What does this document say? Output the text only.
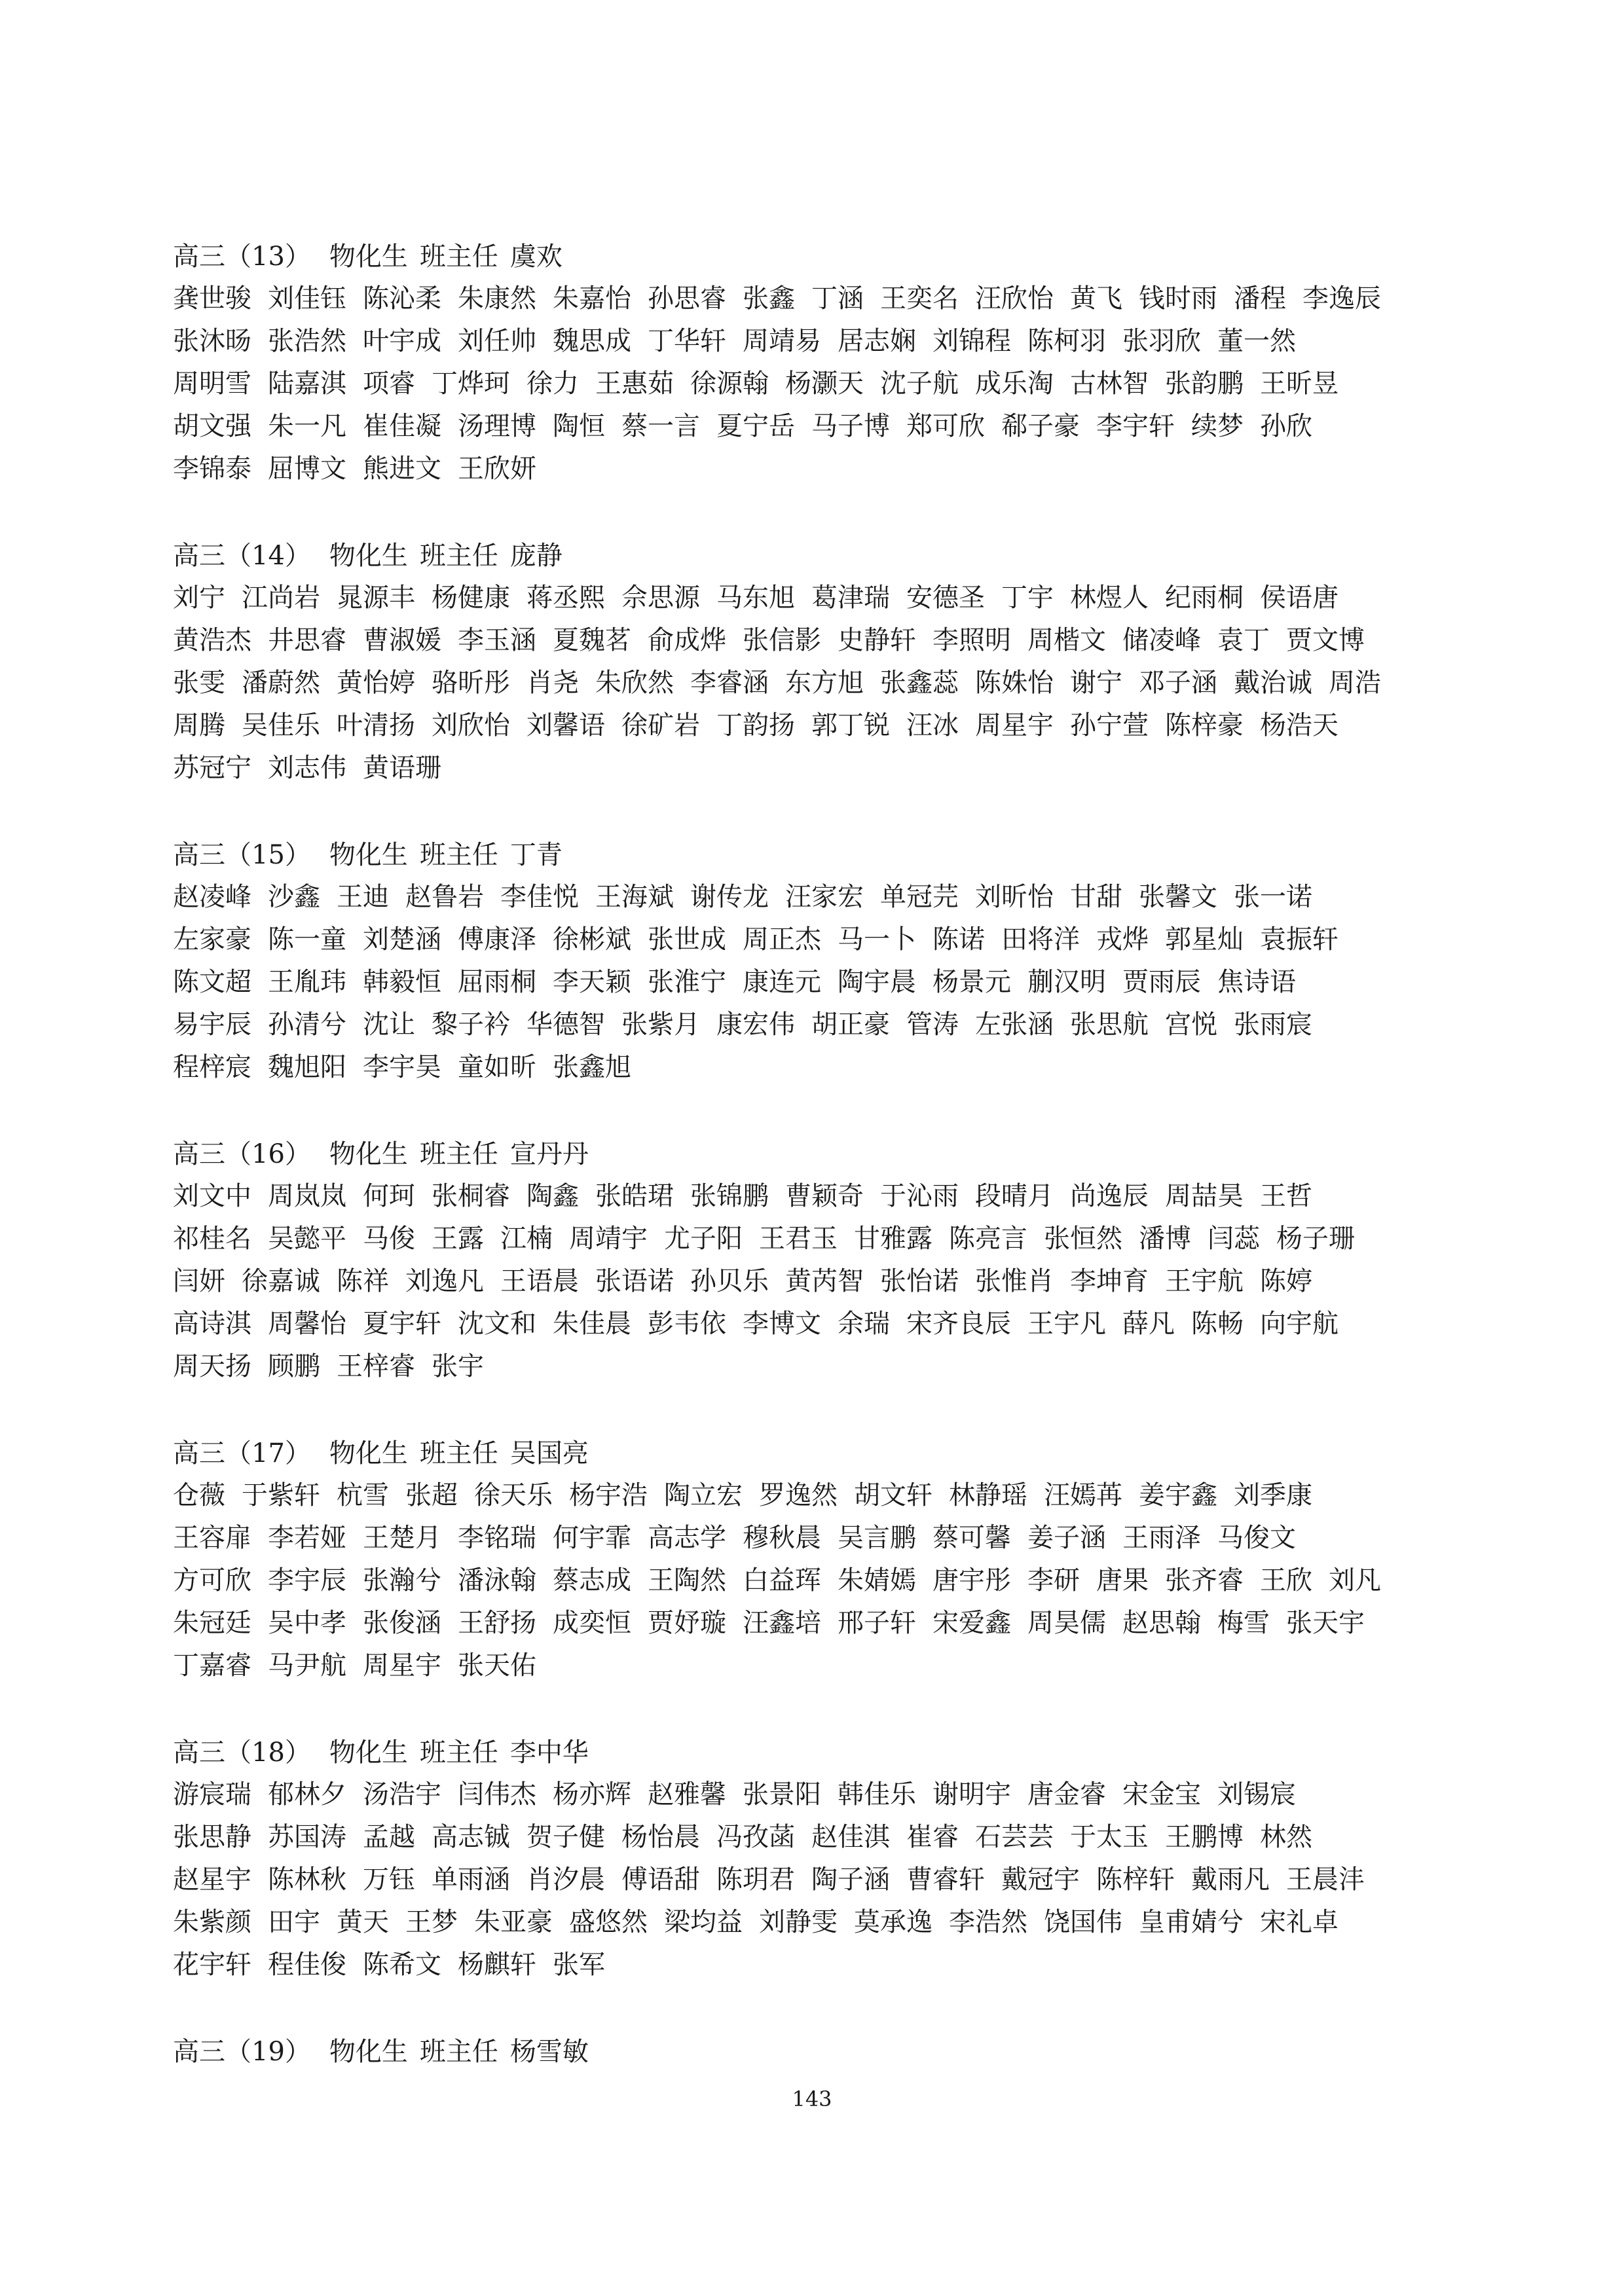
高三（13） 物化生 班主任 虞欢
龚世骏 刘佳钰 陈沁柔 朱康然 朱嘉怡 孙思睿 张鑫 丁涵 王奕名 汪欣怡 黄飞 钱时雨 潘程 李逸辰
张沐旸 张浩然 叶宇成 刘任帅 魏思成 丁华轩 周靖易 居志娴 刘锦程 陈柯羽 张羽欣 董一然
周明雪 陆嘉淇 项睿 丁烨珂 徐力 王惠茹 徐源翰 杨灏天 沈子航 成乐淘 古林智 张韵鹏 王昕昱
胡文强 朱一凡 崔佳凝 汤理博 陶恒 蔡一言 夏宁岳 马子博 郑可欣 郗子豪 李宇轩 续梦 孙欣
李锦泰 屈博文 熊进文 王欣妍
高三（14） 物化生 班主任 庞静
刘宁 江尚岩 晁源丰 杨健康 蒋丞熙 佘思源 马东旭 葛津瑞 安德圣 丁宇 林煜人 纪雨桐 侯语唐
黄浩杰 井思睿 曹淑媛 李玉涵 夏魏茗 俞成烨 张信影 史静轩 李照明 周楷文 储凌峰 袁丁 贾文博
张雯 潘蔚然 黄怡婷 骆昕彤 肖尧 朱欣然 李睿涵 东方旭 张鑫蕊 陈姝怡 谢宁 邓子涵 戴治诚 周浩
周腾 吴佳乐 叶清扬 刘欣怡 刘馨语 徐矿岩 丁韵扬 郭丁锐 汪冰 周星宇 孙宁萱 陈梓豪 杨浩天
苏冠宁 刘志伟 黄语珊
高三（15） 物化生 班主任 丁青
赵凌峰 沙鑫 王迪 赵鲁岩 李佳悦 王海斌 谢传龙 汪家宏 单冠芫 刘昕怡 甘甜 张馨文 张一诺
左家豪 陈一童 刘楚涵 傅康泽 徐彬斌 张世成 周正杰 马一卜 陈诺 田将洋 戎烨 郭星灿 袁振轩
陈文超 王胤玮 韩毅恒 屈雨桐 李天颖 张淮宁 康连元 陶宇晨 杨景元 蒯汉明 贾雨辰 焦诗语
易宇辰 孙清兮 沈让 黎子衿 华德智 张紫月 康宏伟 胡正豪 管涛 左张涵 张思航 宫悦 张雨宸
程梓宸 魏旭阳 李宇昊 童如昕 张鑫旭
高三（16） 物化生 班主任 宣丹丹
刘文中 周岚岚 何珂 张桐睿 陶鑫 张皓珺 张锦鹏 曹颖奇 于沁雨 段晴月 尚逸辰 周喆昊 王哲
祁桂名 吴懿平 马俊 王露 江楠 周靖宇 尤子阳 王君玉 甘雅露 陈亮言 张恒然 潘博 闫蕊 杨子珊
闫妍 徐嘉诚 陈祥 刘逸凡 王语晨 张语诺 孙贝乐 黄芮智 张怡诺 张惟肖 李坤育 王宇航 陈婷
高诗淇 周馨怡 夏宇轩 沈文和 朱佳晨 彭韦依 李博文 余瑞 宋齐良辰 王宇凡 薛凡 陈畅 向宇航
周天扬 顾鹏 王梓睿 张宇
高三（17） 物化生 班主任 吴国亮
仓薇 于紫轩 杭雪 张超 徐天乐 杨宇浩 陶立宏 罗逸然 胡文轩 林静瑶 汪嫣苒 姜宇鑫 刘季康
王容扉 李若娅 王楚月 李铭瑞 何宇霏 高志学 穆秋晨 吴言鹏 蔡可馨 姜子涵 王雨泽 马俊文
方可欣 李宇辰 张瀚兮 潘泳翰 蔡志成 王陶然 白益珲 朱婧嫣 唐宇彤 李研 唐果 张齐睿 王欣 刘凡
朱冠廷 吴中孝 张俊涵 王舒扬 成奕恒 贾妤璇 汪鑫培 邢子轩 宋爱鑫 周昊儒 赵思翰 梅雪 张天宇
丁嘉睿 马尹航 周星宇 张天佑
高三（18） 物化生 班主任 李中华
游宸瑞 郁林夕 汤浩宇 闫伟杰 杨亦辉 赵雅馨 张景阳 韩佳乐 谢明宇 唐金睿 宋金宝 刘锡宸
张思静 苏国涛 孟越 高志铖 贺子健 杨怡晨 冯孜菡 赵佳淇 崔睿 石芸芸 于太玉 王鹏博 林然
赵星宇 陈林秋 万钰 单雨涵 肖汐晨 傅语甜 陈玥君 陶子涵 曹睿轩 戴冠宇 陈梓轩 戴雨凡 王晨沣
朱紫颜 田宇 黄天 王梦 朱亚豪 盛悠然 梁均益 刘静雯 莫承逸 李浩然 饶国伟 皇甫婧兮 宋礼卓
花宇轩 程佳俊 陈希文 杨麒轩 张军
高三（19） 物化生 班主任 杨雪敏
143
